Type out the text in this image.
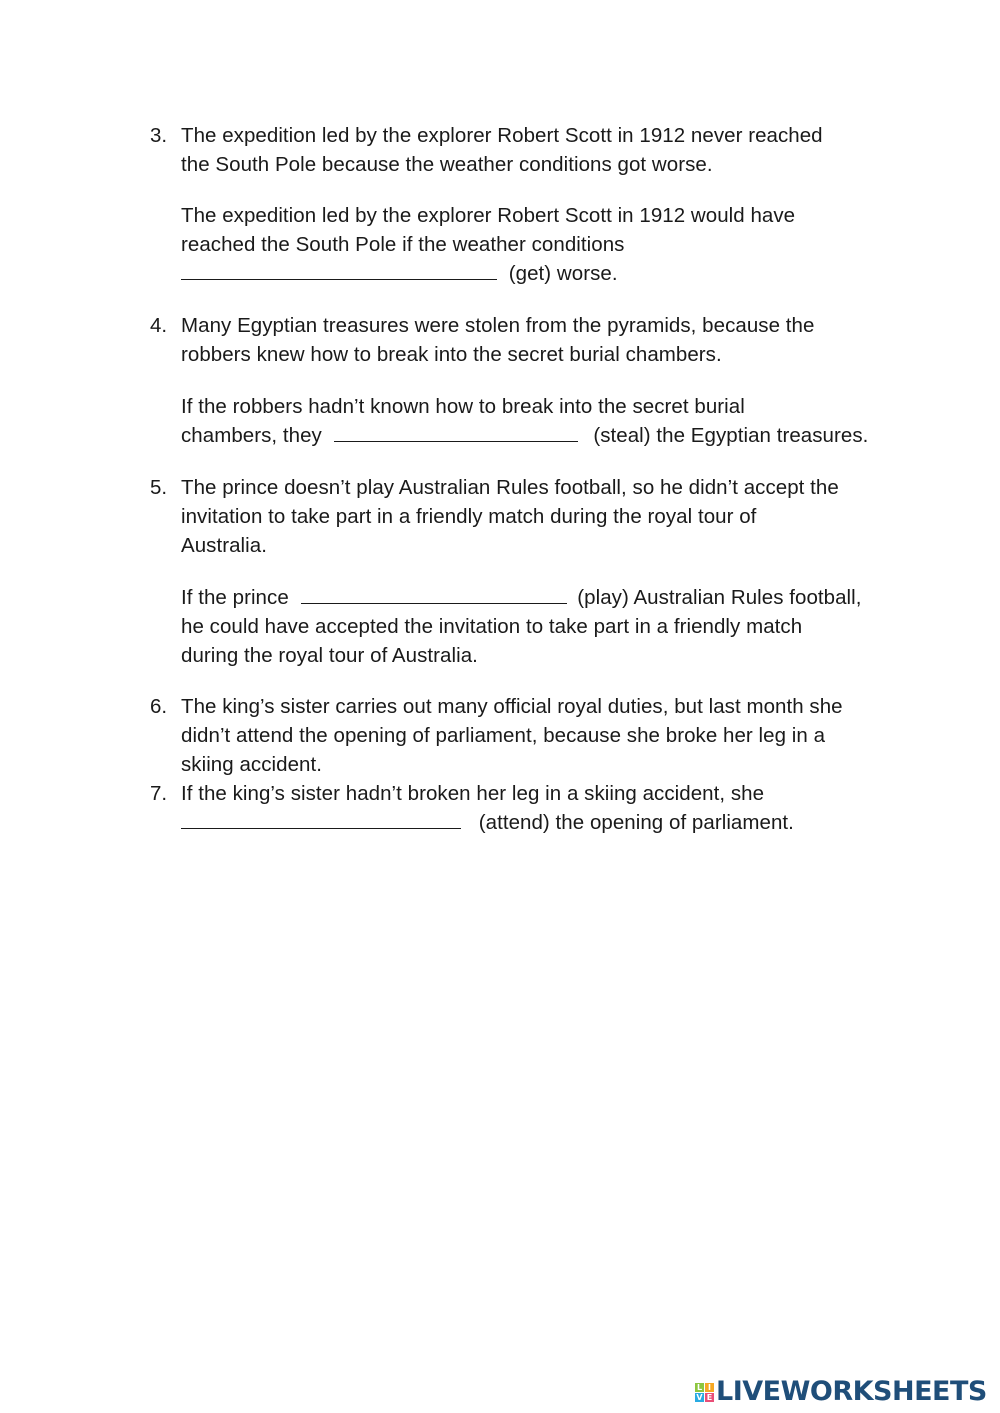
3. The expedition led by the explorer Robert Scott in 1912 never reached
the South Pole because the weather conditions got worse.
The expedition led by the explorer Robert Scott in 1912 would have
reached the South Pole if the weather conditions
(get) worse.
4. Many Egyptian treasures were stolen from the pyramids, because the
robbers knew how to break into the secret burial chambers.
If the robbers hadn’t known how to break into the secret burial
chambers, they	(steal) the Egyptian treasures.
5. The prince doesn’t play Australian Rules football, so he didn’t accept the
invitation to take part in a friendly match during the royal tour of
Australia.
If the prince	(play) Australian Rules football,
he could have accepted the invitation to take part in a friendly match
during the royal tour of Australia.
6. The king’s sister carries out many official royal duties, but last month she
didn’t attend the opening of parliament, because she broke her leg in a
skiing accident.
7. If the king’s sister hadn’t broken her leg in a skiing accident, she
(attend) the opening of parliament.
L I
V E LIVEWORKSHEETS
